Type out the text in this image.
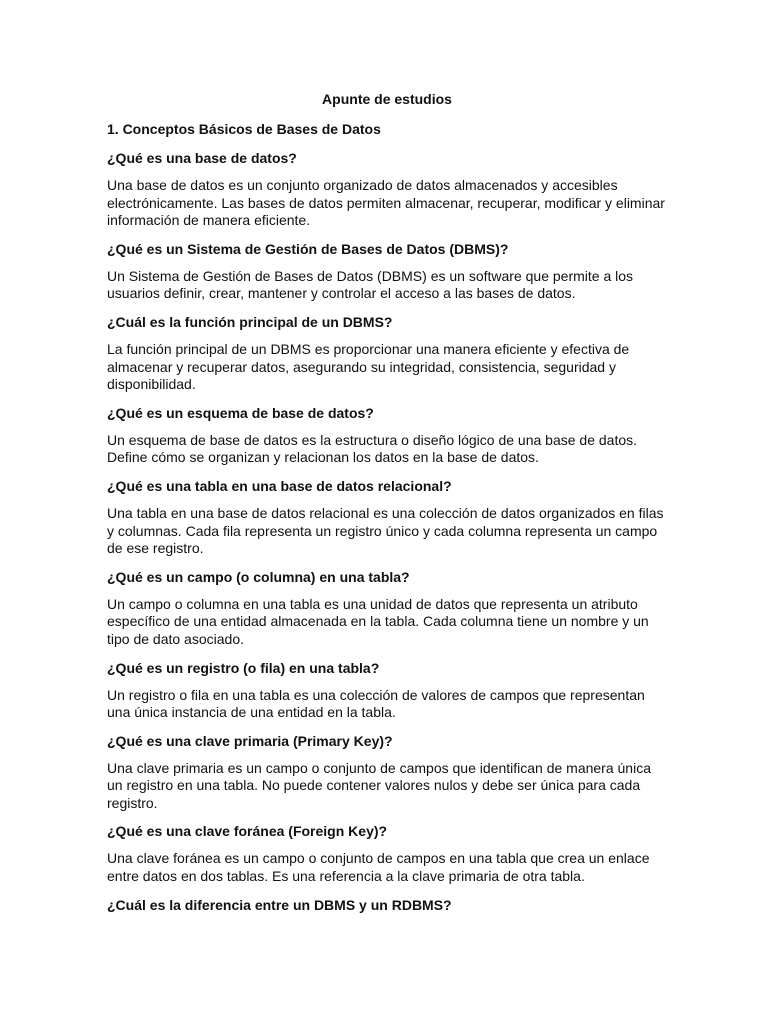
Apunte de estudios
1. Conceptos Básicos de Bases de Datos
¿Qué es una base de datos?
Una base de datos es un conjunto organizado de datos almacenados y accesibles electrónicamente. Las bases de datos permiten almacenar, recuperar, modificar y eliminar información de manera eficiente.
¿Qué es un Sistema de Gestión de Bases de Datos (DBMS)?
Un Sistema de Gestión de Bases de Datos (DBMS) es un software que permite a los usuarios definir, crear, mantener y controlar el acceso a las bases de datos.
¿Cuál es la función principal de un DBMS?
La función principal de un DBMS es proporcionar una manera eficiente y efectiva de almacenar y recuperar datos, asegurando su integridad, consistencia, seguridad y disponibilidad.
¿Qué es un esquema de base de datos?
Un esquema de base de datos es la estructura o diseño lógico de una base de datos. Define cómo se organizan y relacionan los datos en la base de datos.
¿Qué es una tabla en una base de datos relacional?
Una tabla en una base de datos relacional es una colección de datos organizados en filas y columnas. Cada fila representa un registro único y cada columna representa un campo de ese registro.
¿Qué es un campo (o columna) en una tabla?
Un campo o columna en una tabla es una unidad de datos que representa un atributo específico de una entidad almacenada en la tabla. Cada columna tiene un nombre y un tipo de dato asociado.
¿Qué es un registro (o fila) en una tabla?
Un registro o fila en una tabla es una colección de valores de campos que representan una única instancia de una entidad en la tabla.
¿Qué es una clave primaria (Primary Key)?
Una clave primaria es un campo o conjunto de campos que identifican de manera única un registro en una tabla. No puede contener valores nulos y debe ser única para cada registro.
¿Qué es una clave foránea (Foreign Key)?
Una clave foránea es un campo o conjunto de campos en una tabla que crea un enlace entre datos en dos tablas. Es una referencia a la clave primaria de otra tabla.
¿Cuál es la diferencia entre un DBMS y un RDBMS?
